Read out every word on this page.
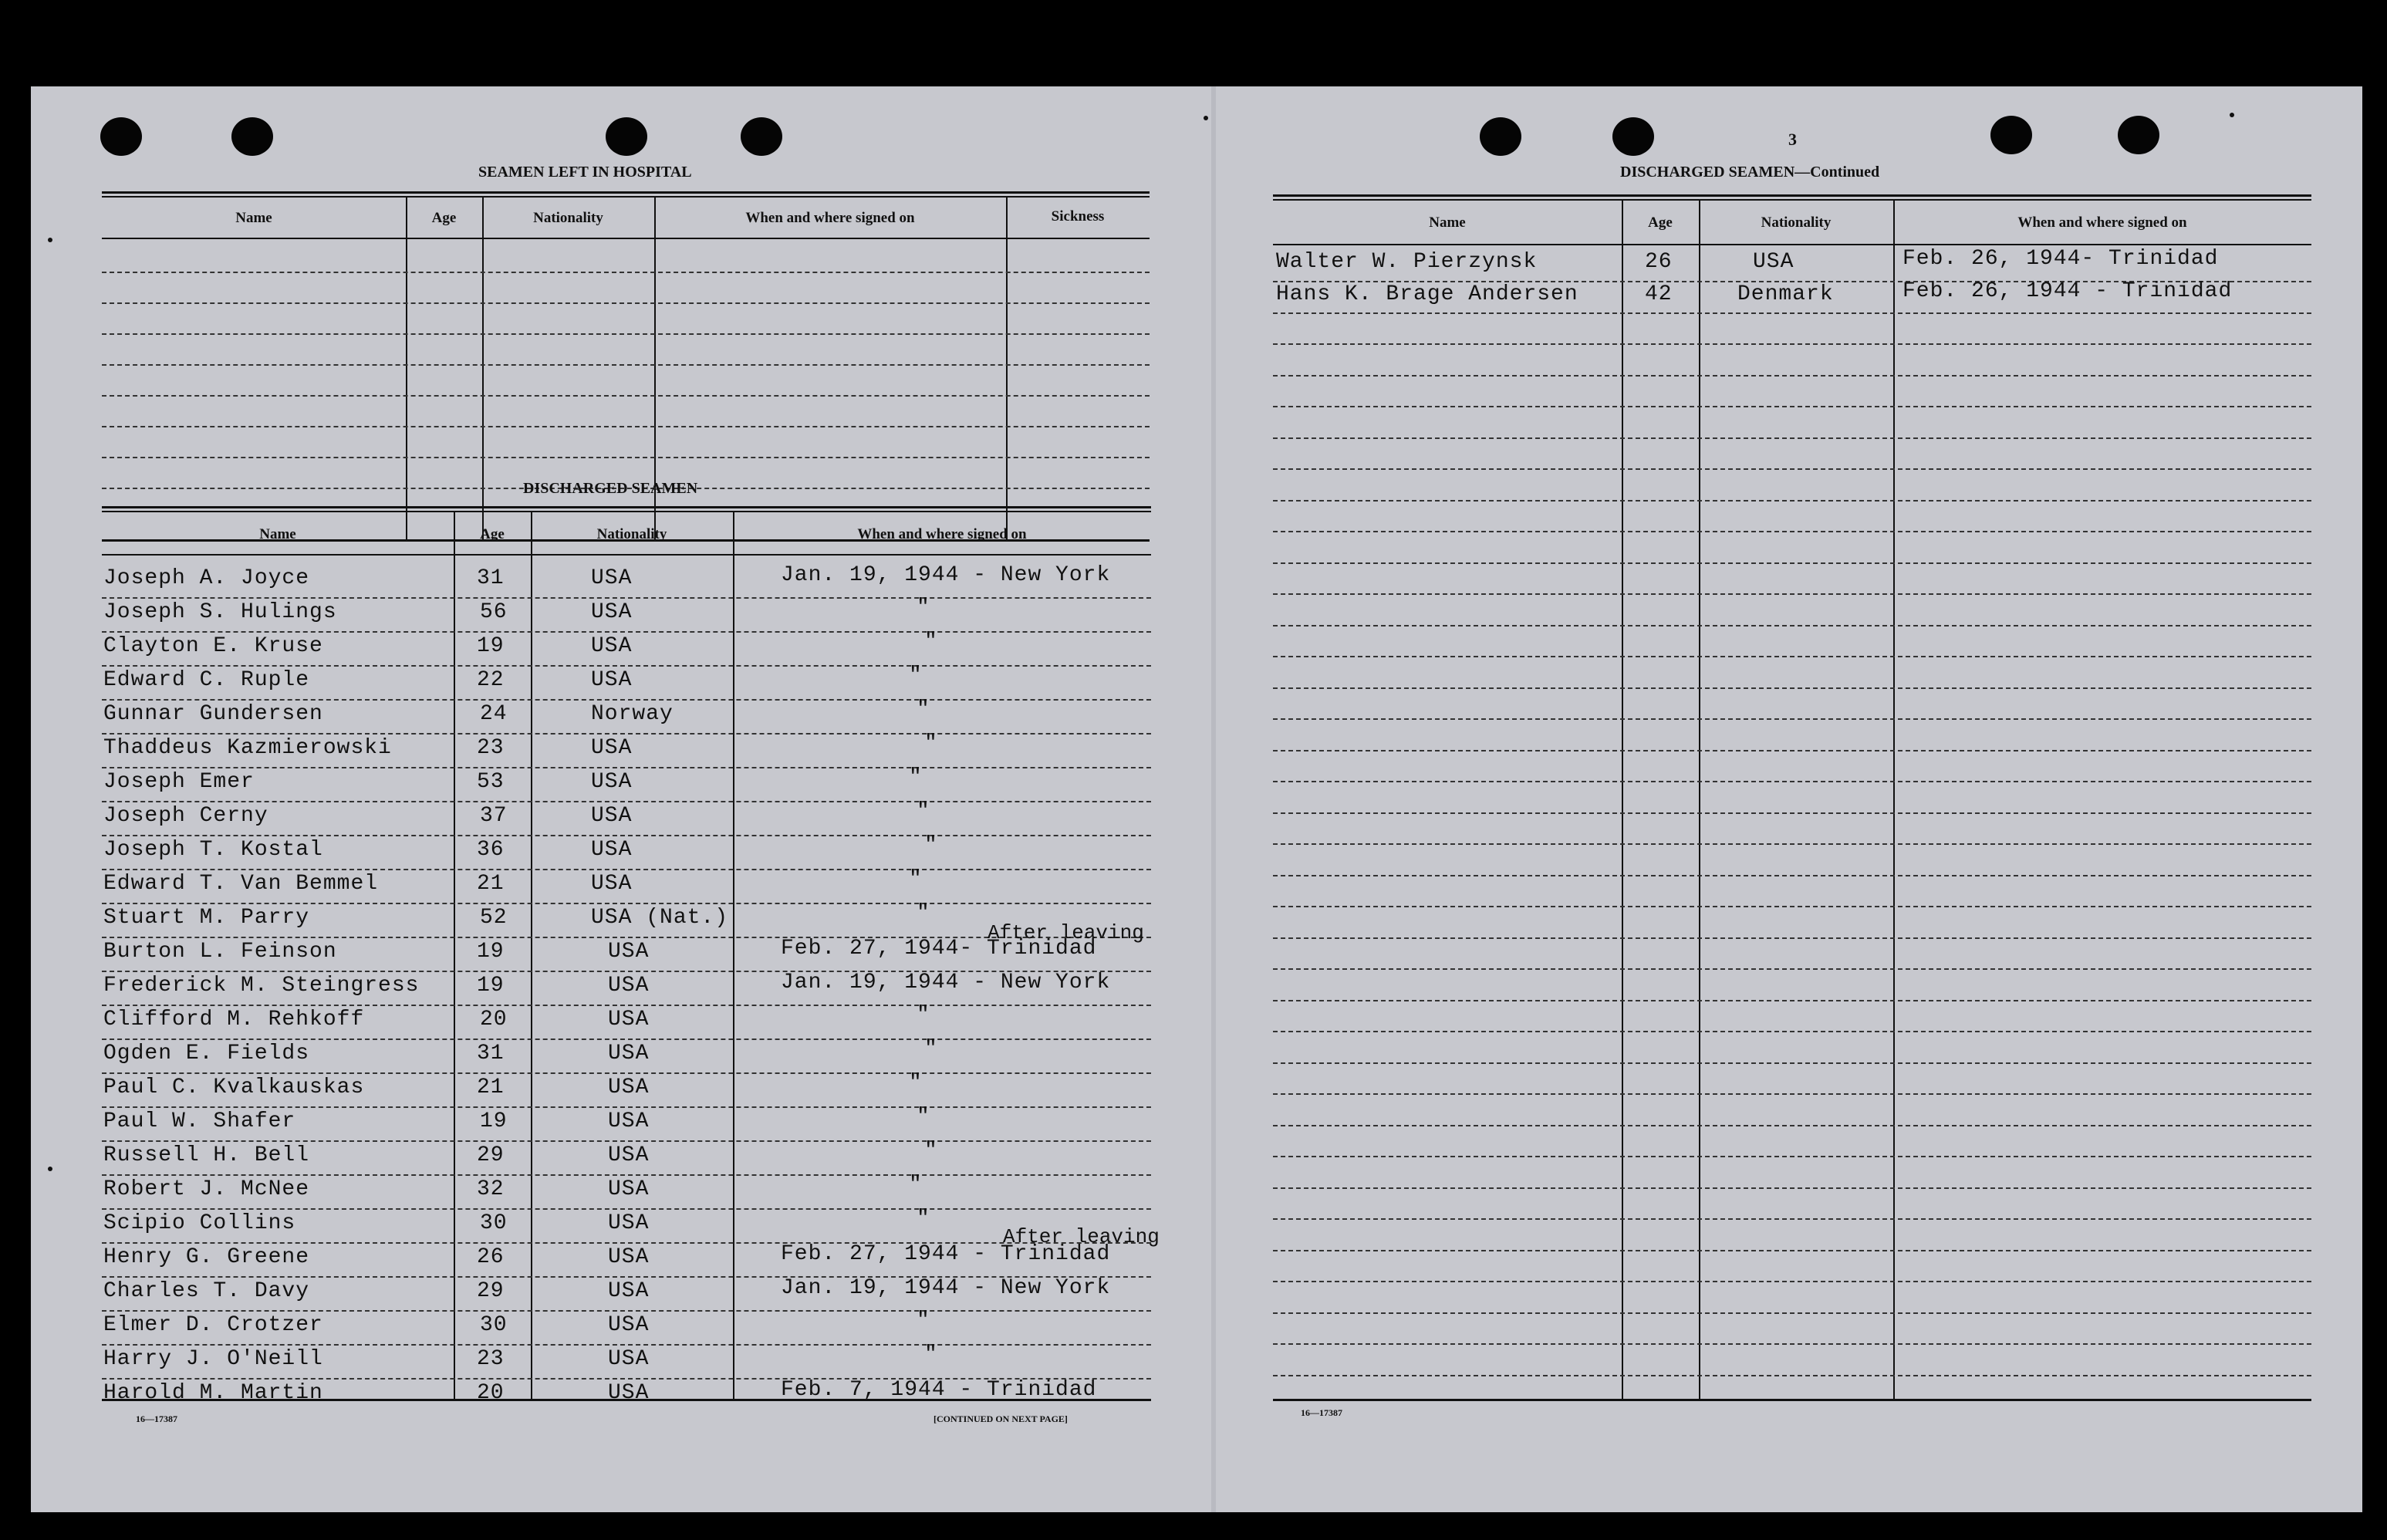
SEAMEN LEFT IN HOSPITAL
Name	Age	Nationality	When and where signed on	Sickness
DISCHARGED SEAMEN
Name	Age	Nationality	When and where signed on
Joseph A. Joyce	31	USA	Jan. 19, 1944 - New York
Joseph S. Hulings	56	USA	"
Clayton E. Kruse	19	USA	"
Edward C. Ruple	22	USA	"
Gunnar Gundersen	24	Norway	"
Thaddeus Kazmierowski	23	USA	"
Joseph Emer	53	USA	"
Joseph Cerny	37	USA	"
Joseph T. Kostal	36	USA	"
Edward T. Van Bemmel	21	USA	"
Stuart M. Parry	52	USA (Nat.)	"
Burton L. Feinson	19	USA	Feb. 27, 1944- Trinidad
Frederick M. Steingress	19	USA	Jan. 19, 1944 - New York
Clifford M. Rehkoff	20	USA	"
Ogden E. Fields	31	USA	"
Paul C. Kvalkauskas	21	USA	"
Paul W. Shafer	19	USA	"
Russell H. Bell	29	USA	"
Robert J. McNee	32	USA	"
Scipio Collins	30	USA	"
Henry G. Greene	26	USA	Feb. 27, 1944 - Trinidad
Charles T. Davy	29	USA	Jan. 19, 1944 - New York
Elmer D. Crotzer	30	USA	"
Harry J. O'Neill	23	USA	"
Harold M. Martin	20	USA	Feb. 7, 1944 - Trinidad
After leaving
After leaving
16—17387	[CONTINUED ON NEXT PAGE]
3
DISCHARGED SEAMEN—Continued
Name	Age	Nationality	When and where signed on
Walter W. Pierzynsk	26	USA	Feb. 26, 1944- Trinidad
Hans K. Brage Andersen	42	Denmark	Feb. 26, 1944 - Trinidad
16—17387
